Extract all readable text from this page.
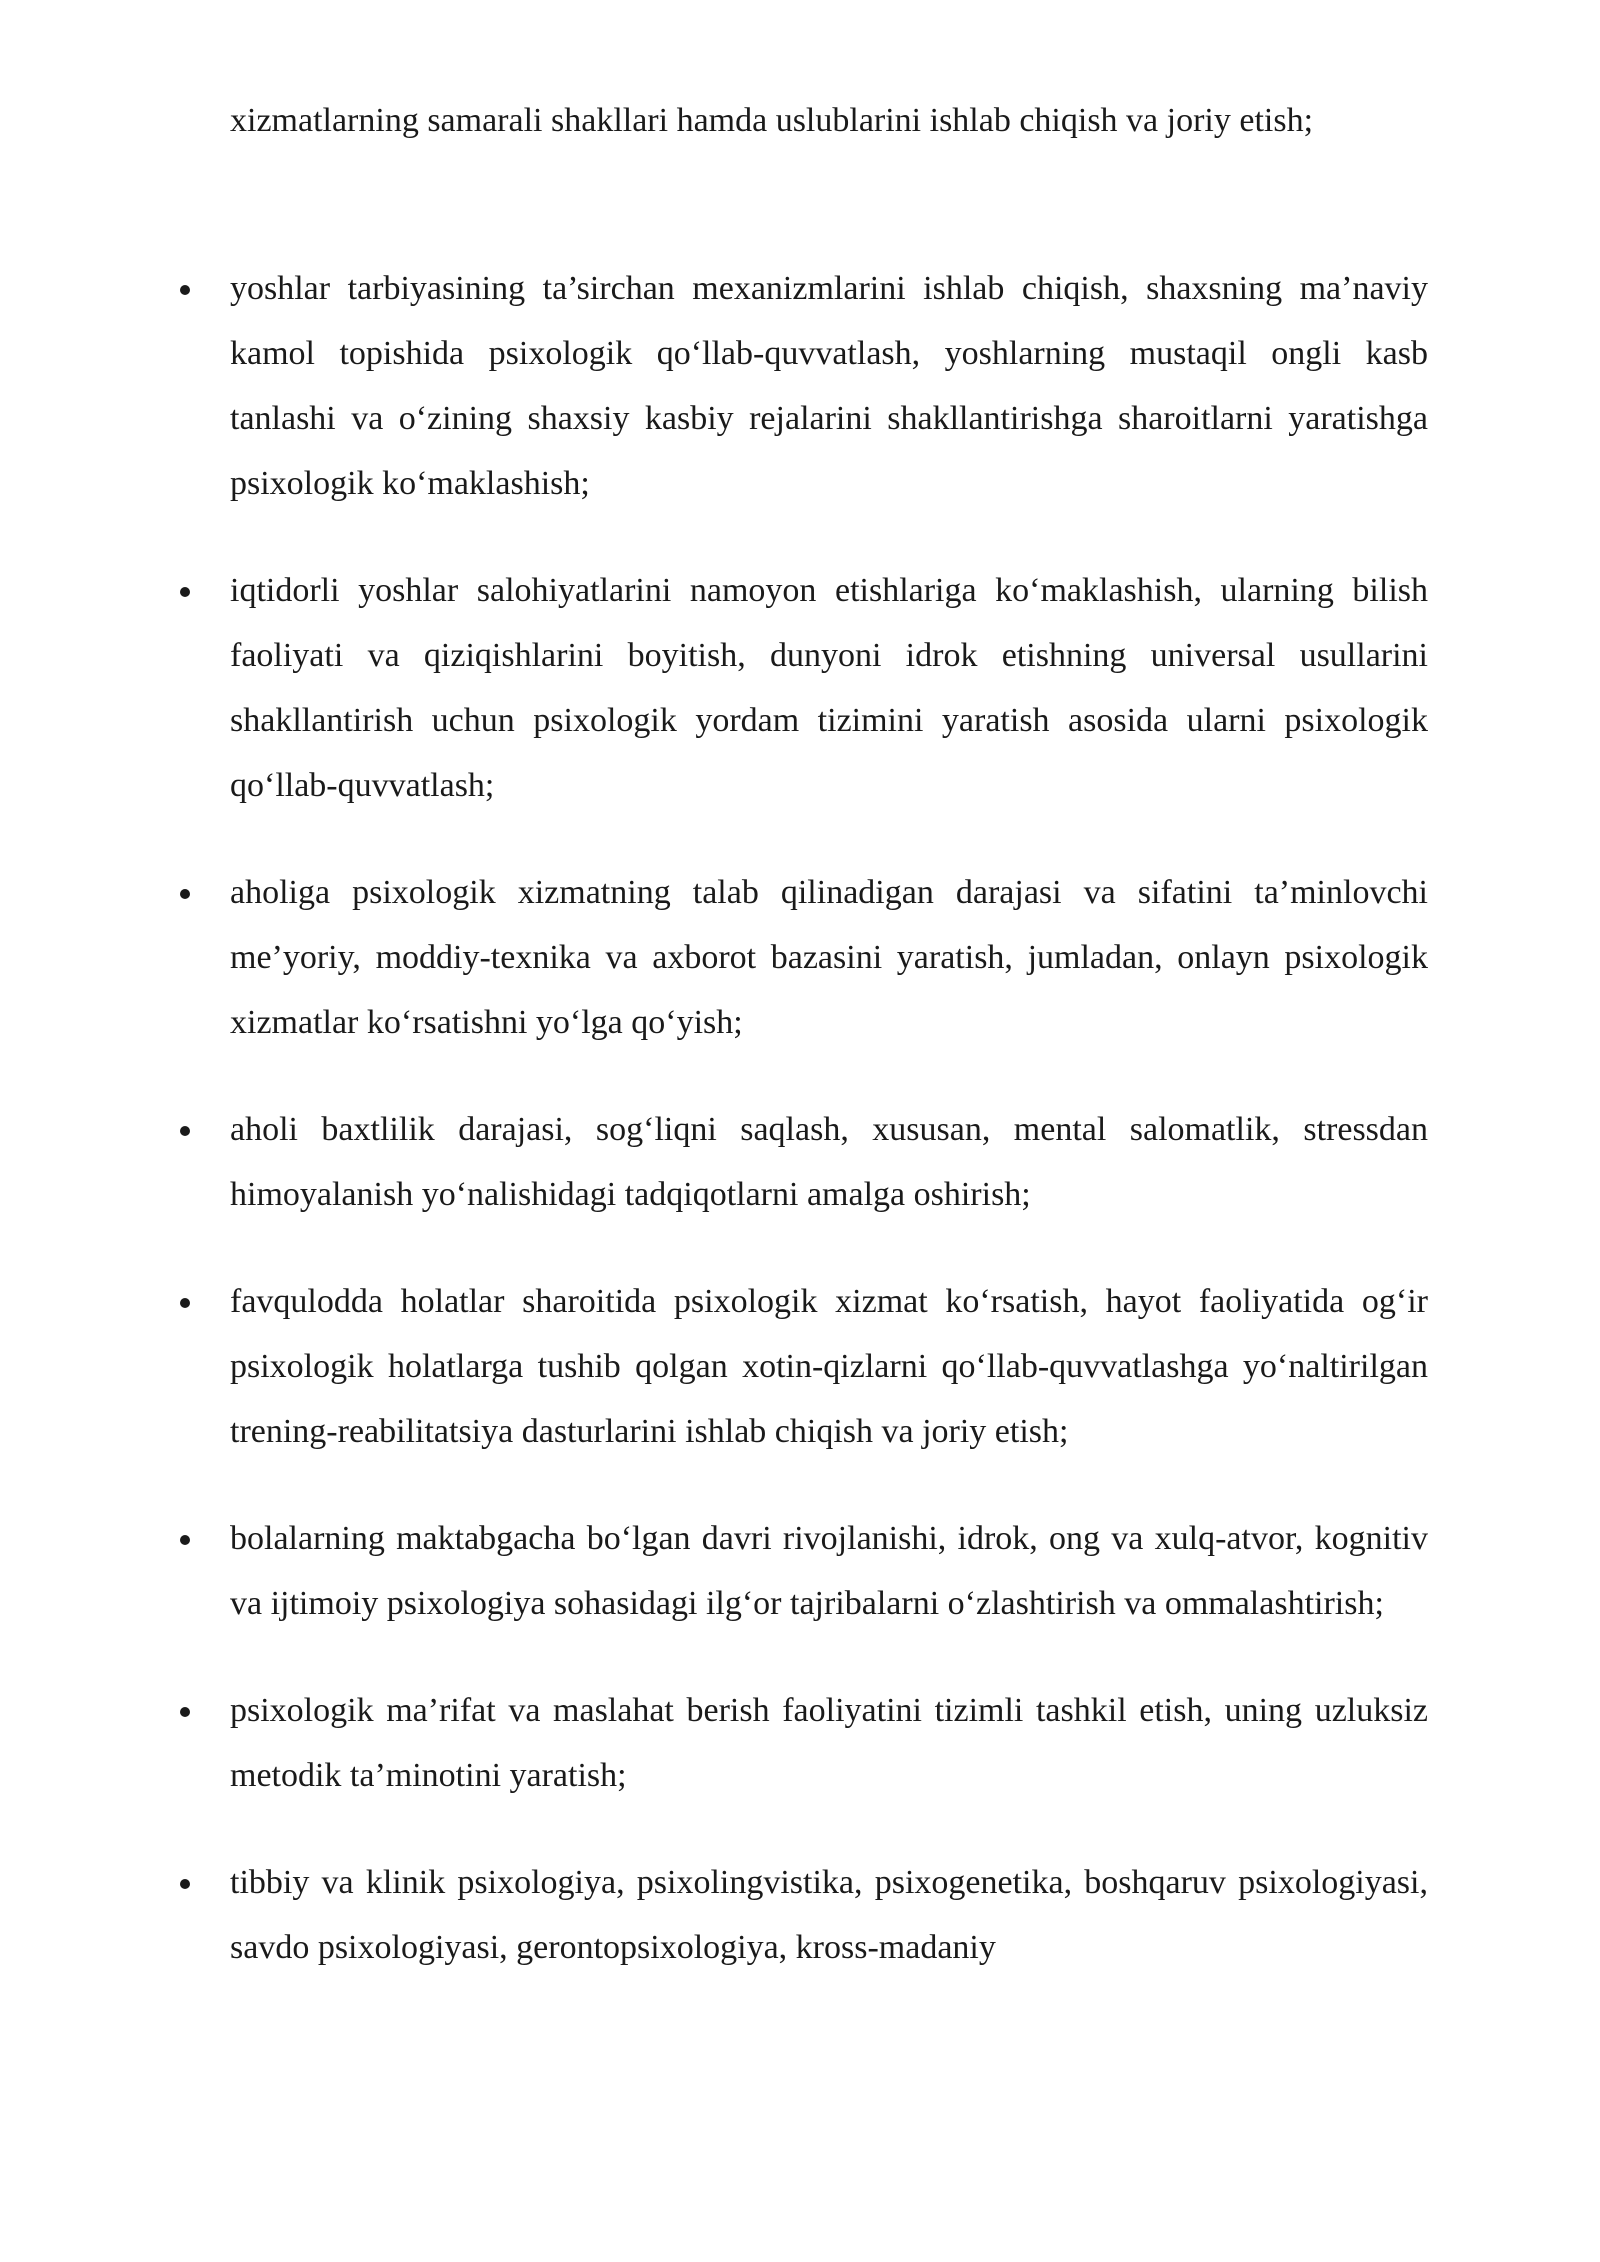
xizmatlarning samarali shakllari hamda uslublarini ishlab chiqish va joriy etish;

yoshlar tarbiyasining ta’sirchan mexanizmlarini ishlab chiqish, shaxsning ma’naviy kamol topishida psixologik qo‘llab-quvvatlash, yoshlarning mustaqil ongli kasb tanlashi va o‘zining shaxsiy kasbiy rejalarini shakllantirishga sharoitlarni yaratishga psixologik ko‘maklashish;
iqtidorli yoshlar salohiyatlarini namoyon etishlariga ko‘maklashish, ularning bilish faoliyati va qiziqishlarini boyitish, dunyoni idrok etishning universal usullarini shakllantirish uchun psixologik yordam tizimini yaratish asosida ularni psixologik qo‘llab-quvvatlash;
aholiga psixologik xizmatning talab qilinadigan darajasi va sifatini ta’minlovchi me’yoriy, moddiy-texnika va axborot bazasini yaratish, jumladan, onlayn psixologik xizmatlar ko‘rsatishni yo‘lga qo‘yish;
aholi baxtlilik darajasi, sog‘liqni saqlash, xususan, mental salomatlik, stressdan himoyalanish yo‘nalishidagi tadqiqotlarni amalga oshirish;
favqulodda holatlar sharoitida psixologik xizmat ko‘rsatish, hayot faoliyatida og‘ir psixologik holatlarga tushib qolgan xotin-qizlarni qo‘llab-quvvatlashga yo‘naltirilgan trening-reabilitatsiya dasturlarini ishlab chiqish va joriy etish;
bolalarning maktabgacha bo‘lgan davri rivojlanishi, idrok, ong va xulq-atvor, kognitiv va ijtimoiy psixologiya sohasidagi ilg‘or tajribalarni o‘zlashtirish va ommalashtirish;
psixologik ma’rifat va maslahat berish faoliyatini tizimli tashkil etish, uning uzluksiz metodik ta’minotini yaratish;
tibbiy va klinik psixologiya, psixolingvistika, psixogenetika, boshqaruv psixologiyasi, savdo psixologiyasi, gerontopsixologiya, kross-madaniy
